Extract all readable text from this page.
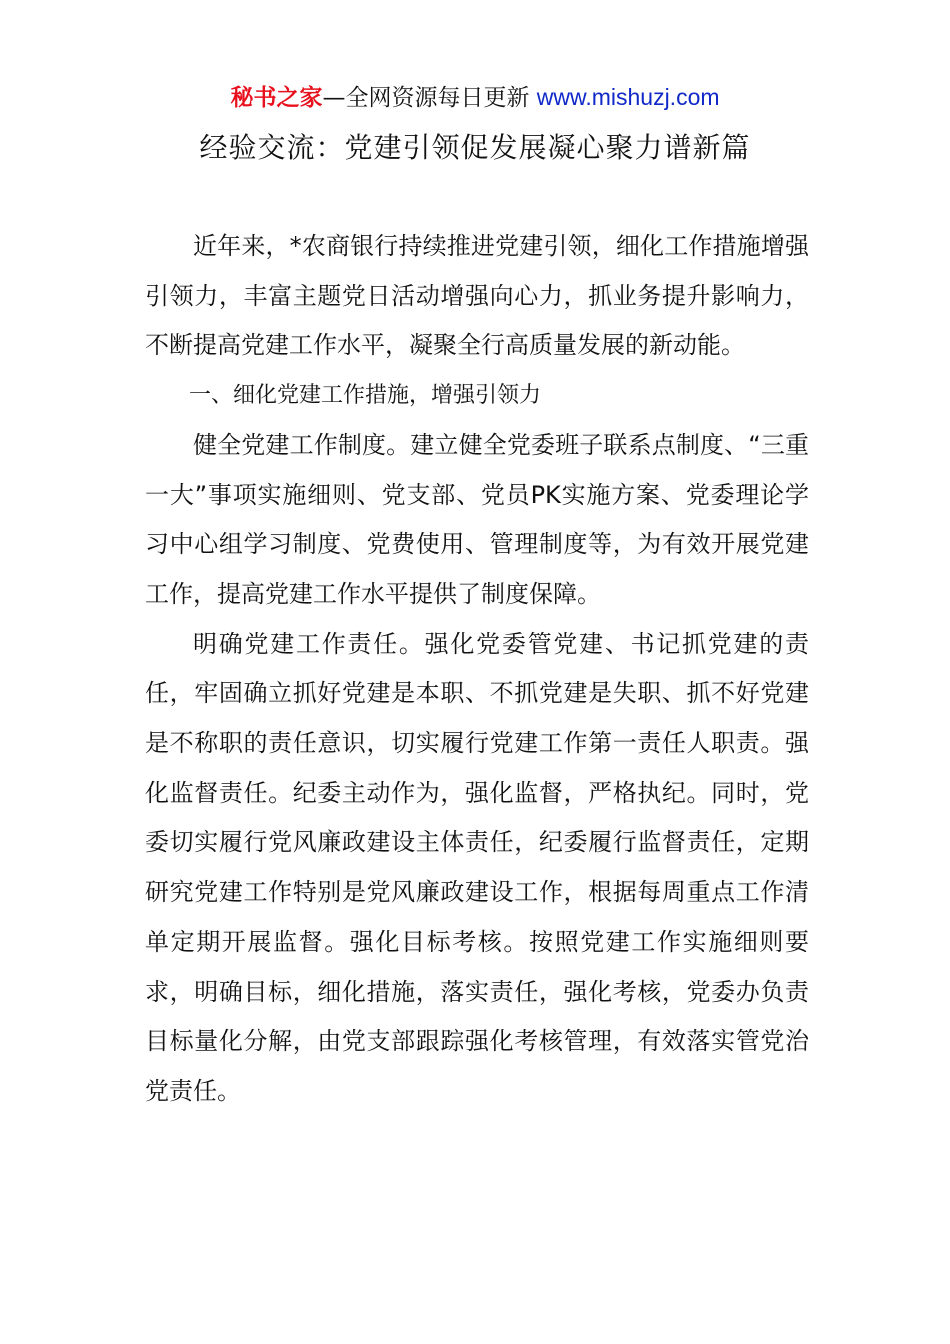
秘书之家—全网资源每日更新 www.mishuzj.com
经验交流：党建引领促发展凝心聚力谱新篇

近年来，*农商银行持续推进党建引领，细化工作措施增强引领力，丰富主题党日活动增强向心力，抓业务提升影响力，不断提高党建工作水平，凝聚全行高质量发展的新动能。

一、细化党建工作措施，增强引领力

健全党建工作制度。建立健全党委班子联系点制度、“三重一大”事项实施细则、党支部、党员PK实施方案、党委理论学习中心组学习制度、党费使用、管理制度等，为有效开展党建工作，提高党建工作水平提供了制度保障。

明确党建工作责任。强化党委管党建、书记抓党建的责任，牢固确立抓好党建是本职、不抓党建是失职、抓不好党建是不称职的责任意识，切实履行党建工作第一责任人职责。强化监督责任。纪委主动作为，强化监督，严格执纪。同时，党委切实履行党风廉政建设主体责任，纪委履行监督责任，定期研究党建工作特别是党风廉政建设工作，根据每周重点工作清单定期开展监督。强化目标考核。按照党建工作实施细则要求，明确目标，细化措施，落实责任，强化考核，党委办负责目标量化分解，由党支部跟踪强化考核管理，有效落实管党治党责任。
